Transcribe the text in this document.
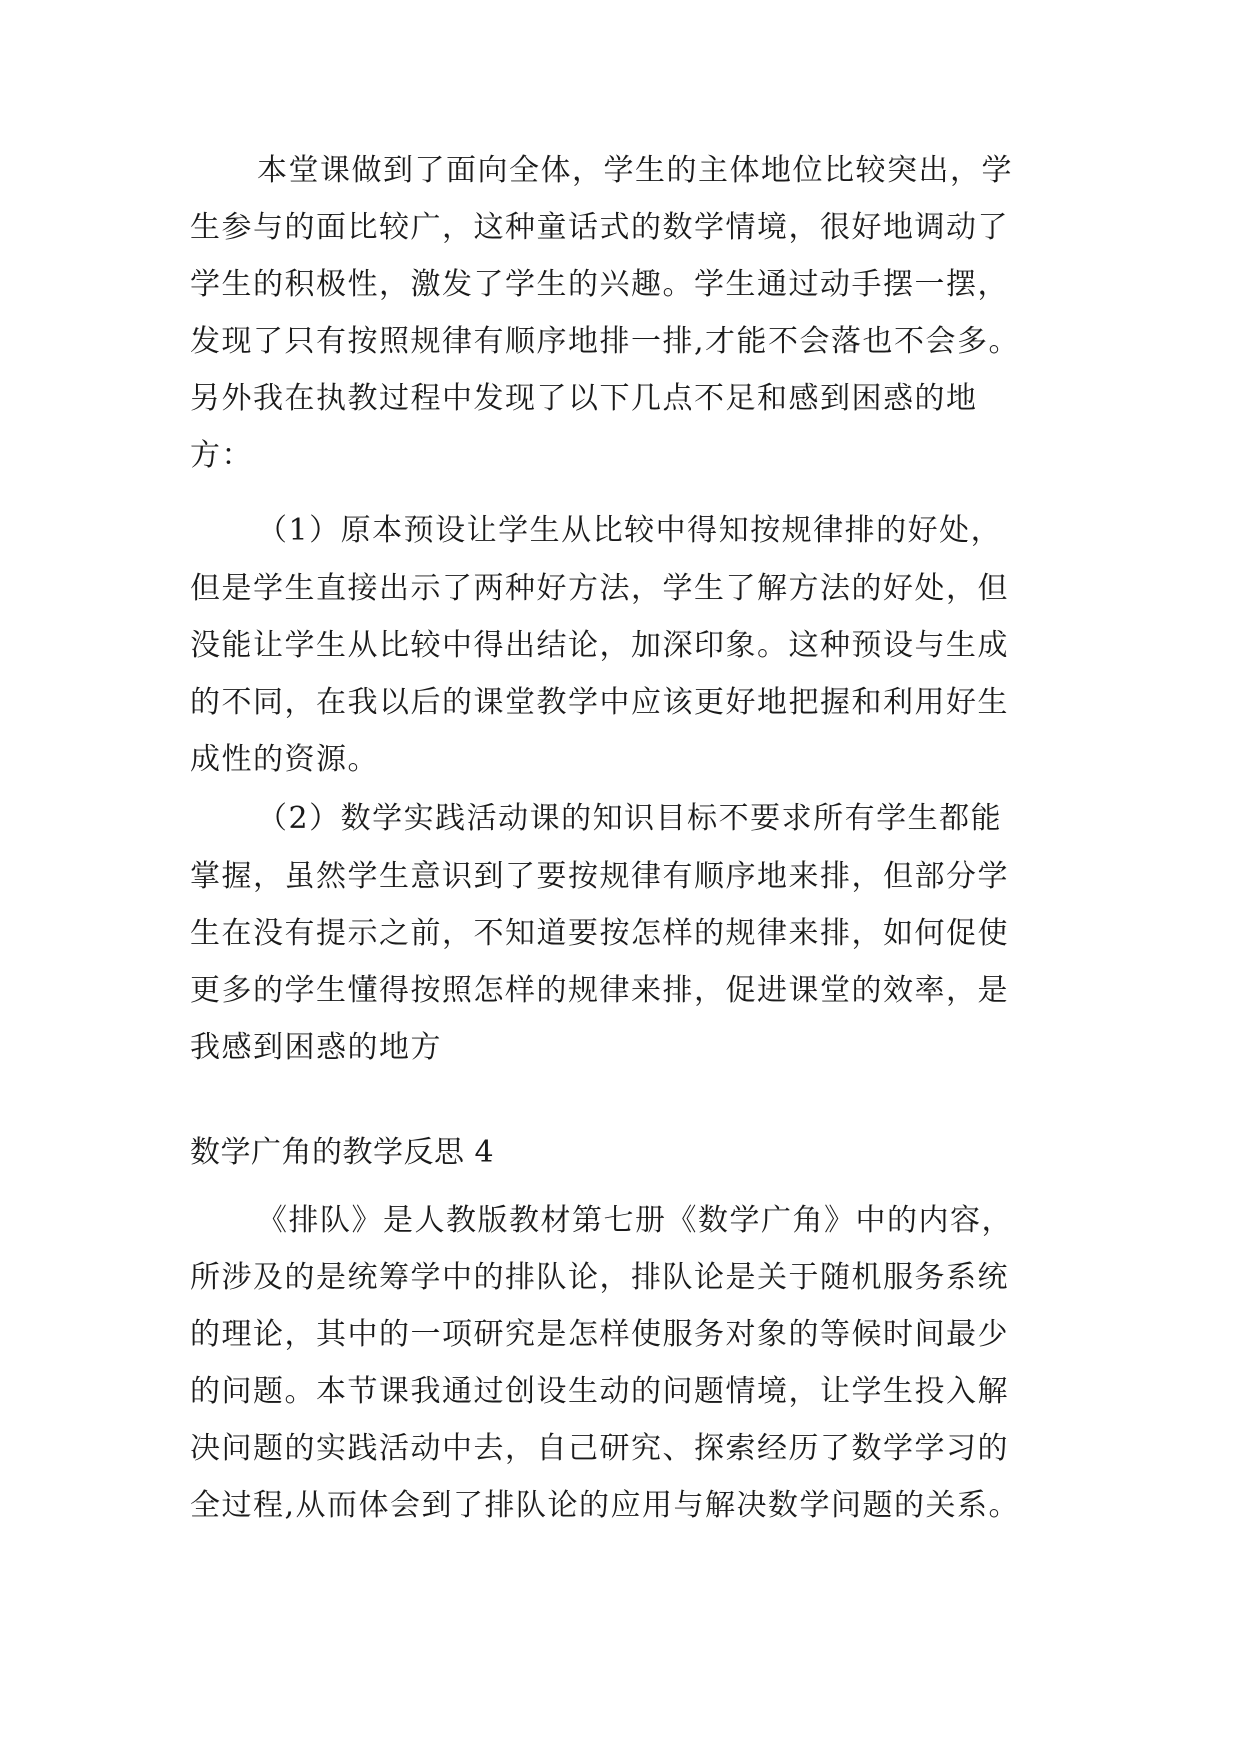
本堂课做到了面向全体，学生的主体地位比较突出，学
生参与的面比较广，这种童话式的数学情境，很好地调动了
学生的积极性，激发了学生的兴趣。学生通过动手摆一摆，
发现了只有按照规律有顺序地排一排,才能不会落也不会多。
另外我在执教过程中发现了以下几点不足和感到困惑的地
方：
（1）原本预设让学生从比较中得知按规律排的好处，
但是学生直接出示了两种好方法，学生了解方法的好处，但
没能让学生从比较中得出结论，加深印象。这种预设与生成
的不同，在我以后的课堂教学中应该更好地把握和利用好生
成性的资源。
（2）数学实践活动课的知识目标不要求所有学生都能
掌握，虽然学生意识到了要按规律有顺序地来排，但部分学
生在没有提示之前，不知道要按怎样的规律来排，如何促使
更多的学生懂得按照怎样的规律来排，促进课堂的效率，是
我感到困惑的地方
数学广角的教学反思 4
《排队》是人教版教材第七册《数学广角》中的内容，
所涉及的是统筹学中的排队论，排队论是关于随机服务系统
的理论，其中的一项研究是怎样使服务对象的等候时间最少
的问题。本节课我通过创设生动的问题情境，让学生投入解
决问题的实践活动中去，自己研究、探索经历了数学学习的
全过程,从而体会到了排队论的应用与解决数学问题的关系。
